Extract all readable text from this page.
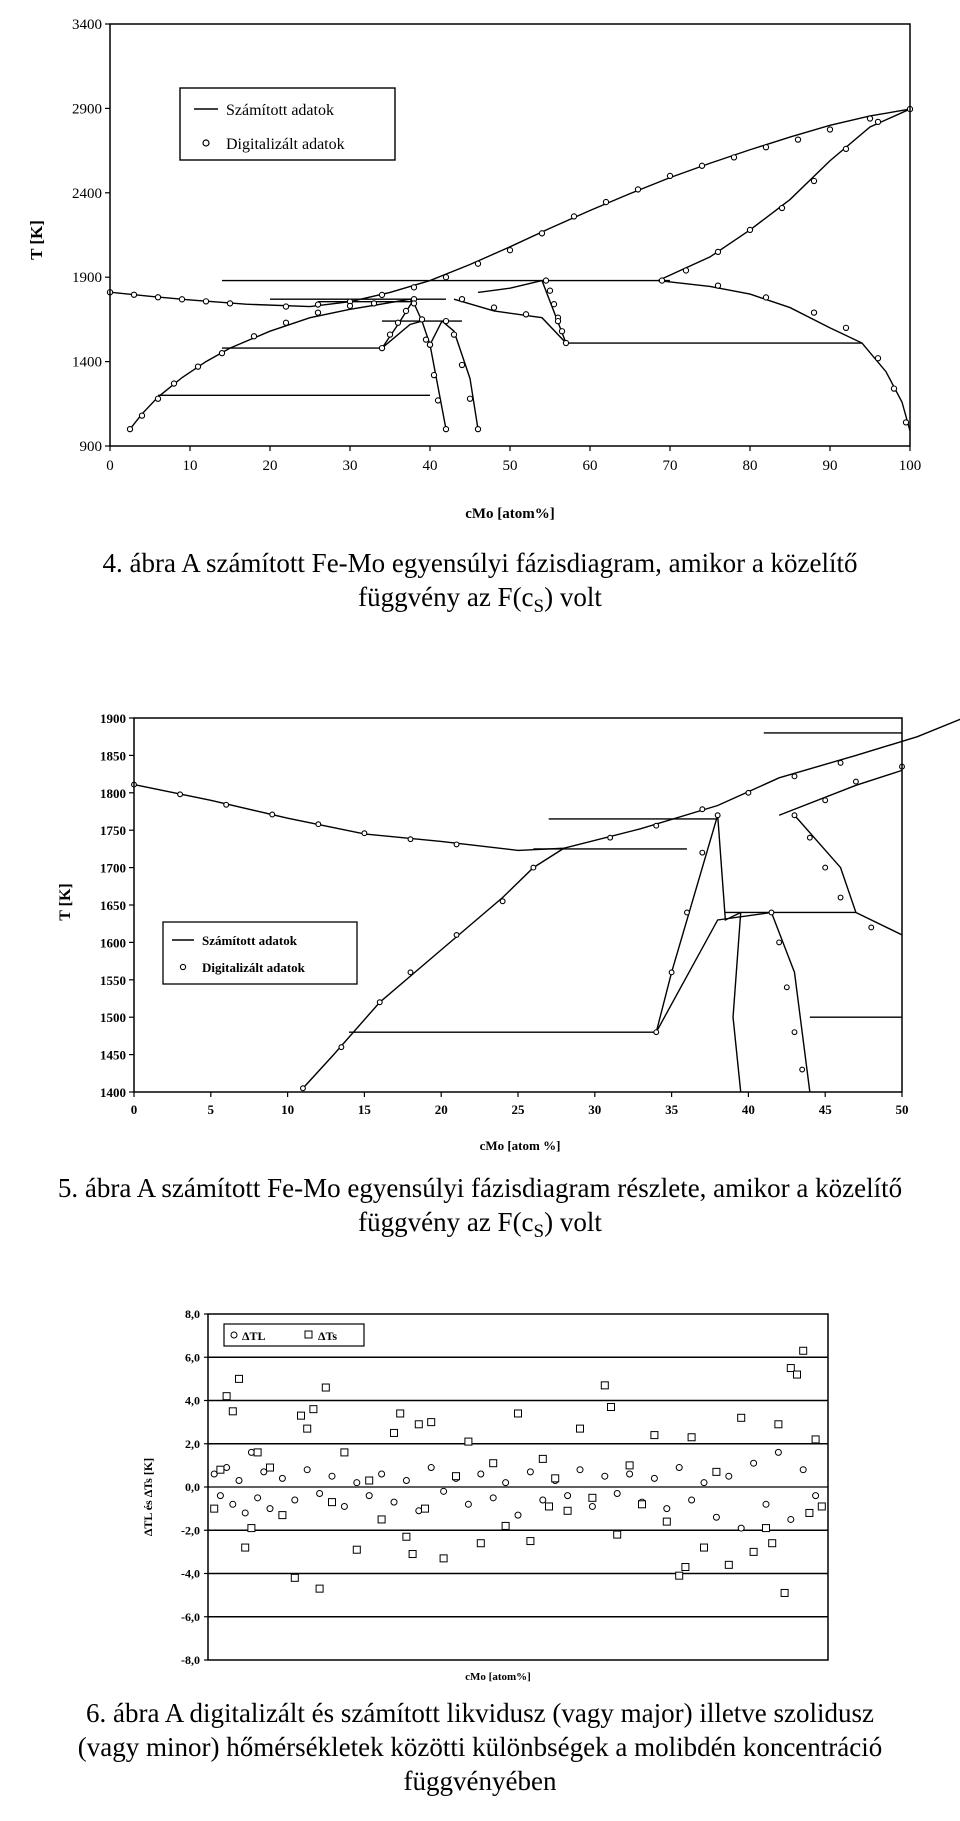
0	10	20	30	40	50	60	70	80	90	100
900
1400
1900
2400
2900
3400
T [K]
cMo [atom%]
Számított adatok
Digitalizált adatok
4. ábra A számított Fe-Mo egyensúlyi fázisdiagram, amikor a közelítő
függvény az $F(c_S)$ volt
0	5	10	15	20	25	30	35	40	45	50
1400
1450
1500
1550
1600
1650
1700
1750
1800
1850
1900
T [K]
cMo [atom %]
Számított adatok
Digitalizált adatok
5. ábra A számított Fe-Mo egyensúlyi fázisdiagram részlete, amikor a közelítő
függvény az $F(c_S)$ volt
-8,0
-6,0
-4,0
-2,0
0,0
2,0
4,0
6,0
8,0
ΔTL és ΔTs [K]
cMo [atom%]
ΔTL	ΔTs
6. ábra A digitalizált és számított likvidusz (vagy major) illetve szolidusz
(vagy minor) hőmérsékletek közötti különbségek a molibdén koncentráció
függvényében
